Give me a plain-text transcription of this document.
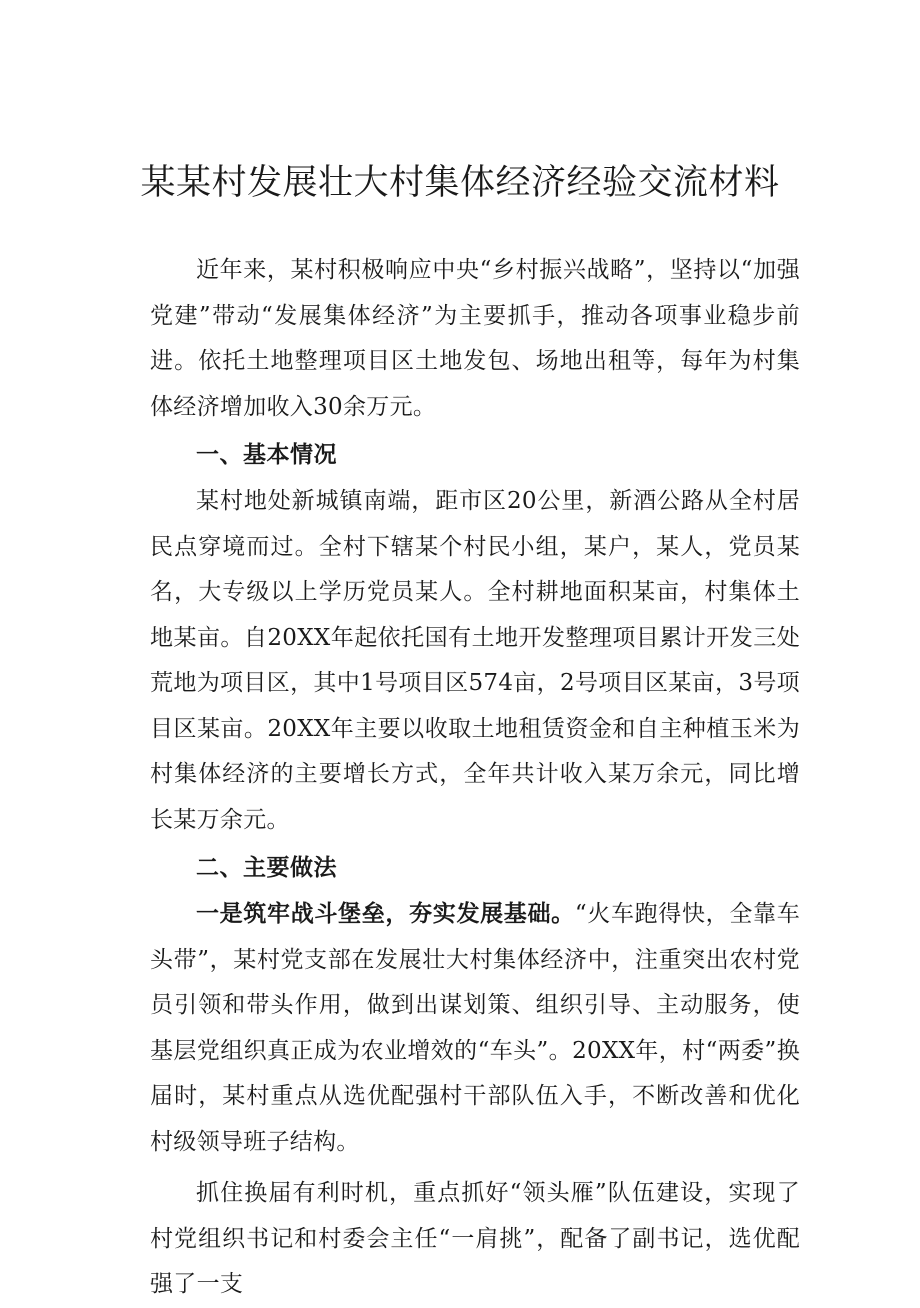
某某村发展壮大村集体经济经验交流材料

近年来，某村积极响应中央“乡村振兴战略”，坚持以“加强党建”带动“发展集体经济”为主要抓手，推动各项事业稳步前进。依托土地整理项目区土地发包、场地出租等，每年为村集体经济增加收入30余万元。

一、基本情况

某村地处新城镇南端，距市区20公里，新酒公路从全村居民点穿境而过。全村下辖某个村民小组，某户，某人，党员某名，大专级以上学历党员某人。全村耕地面积某亩，村集体土地某亩。自20XX年起依托国有土地开发整理项目累计开发三处荒地为项目区，其中1号项目区574亩，2号项目区某亩，3号项目区某亩。20XX年主要以收取土地租赁资金和自主种植玉米为村集体经济的主要增长方式，全年共计收入某万余元，同比增长某万余元。

二、主要做法

一是筑牢战斗堡垒，夯实发展基础。“火车跑得快，全靠车头带”，某村党支部在发展壮大村集体经济中，注重突出农村党员引领和带头作用，做到出谋划策、组织引导、主动服务，使基层党组织真正成为农业增效的“车头”。20XX年，村“两委”换届时，某村重点从选优配强村干部队伍入手，不断改善和优化村级领导班子结构。

抓住换届有利时机，重点抓好“领头雁”队伍建设，实现了村党组织书记和村委会主任“一肩挑”，配备了副书记，选优配强了一支
